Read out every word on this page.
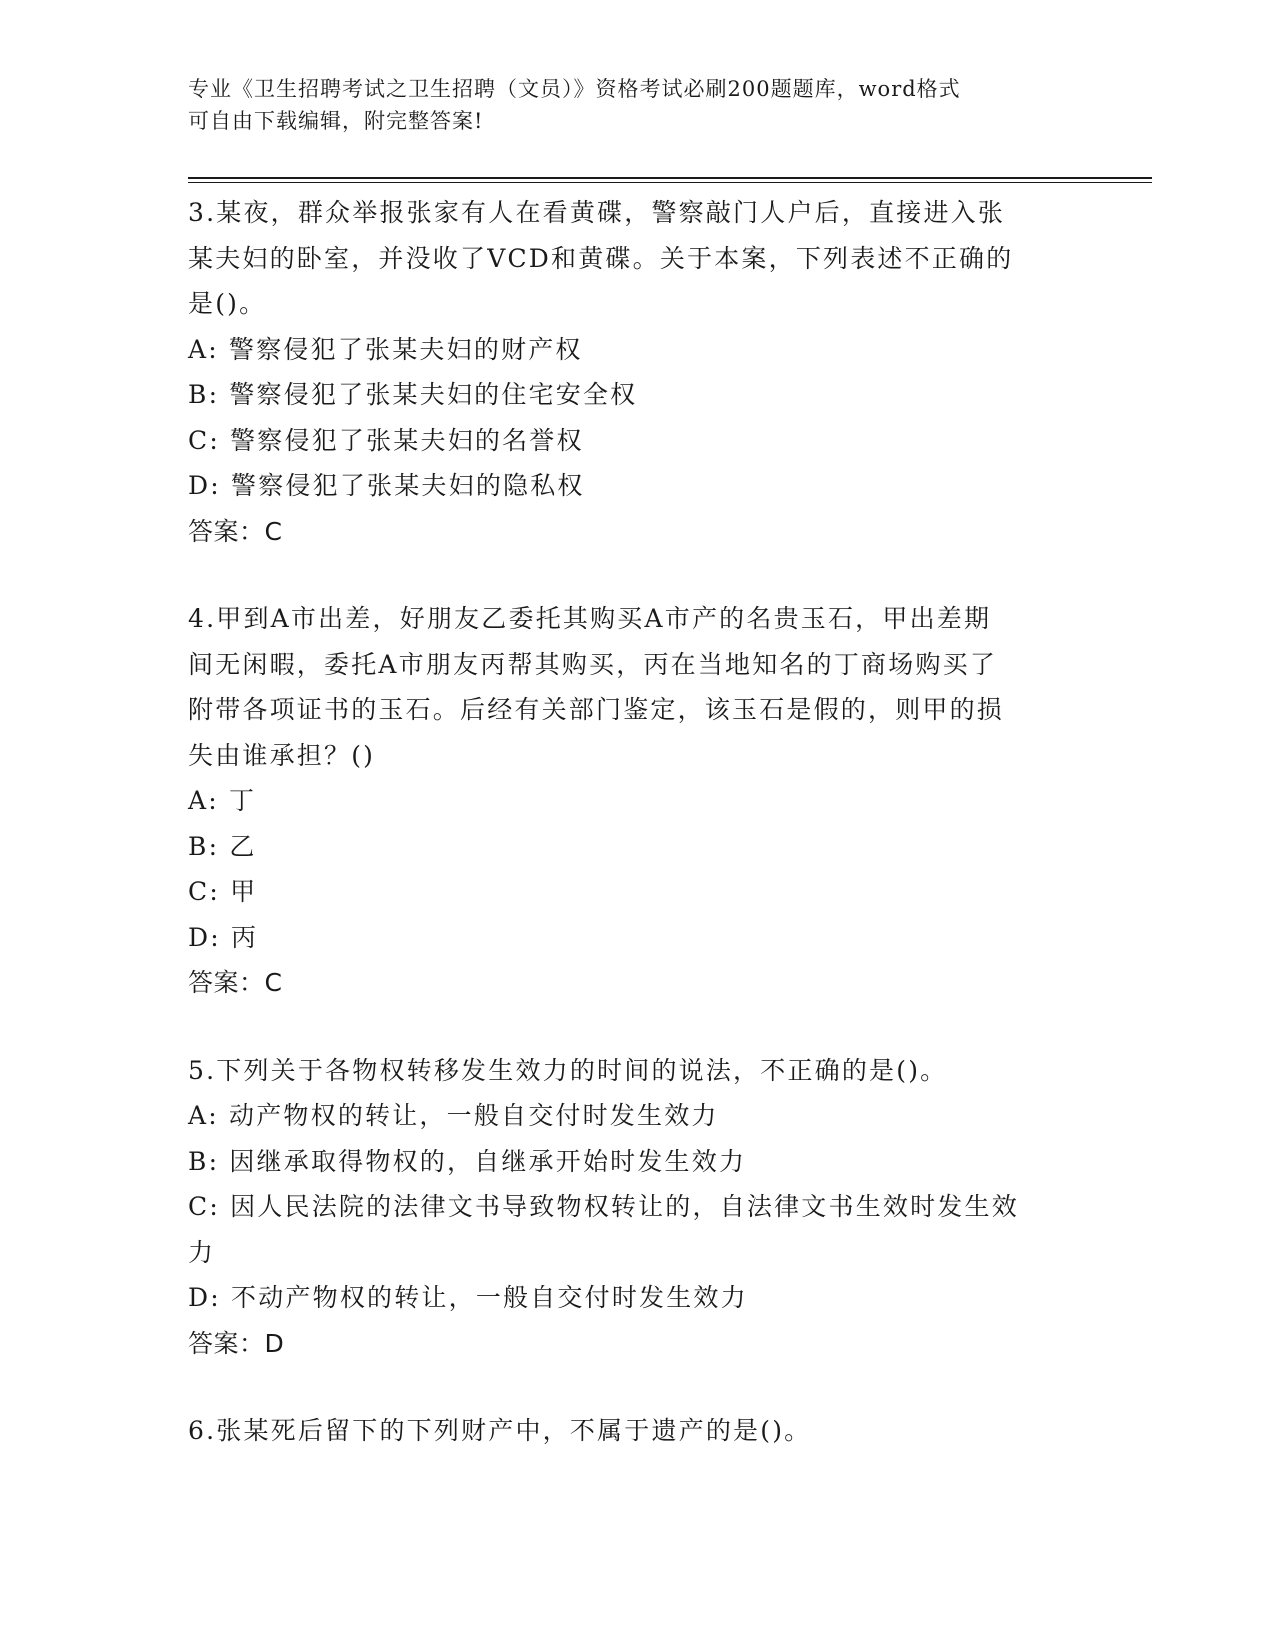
专业《卫生招聘考试之卫生招聘（文员）》资格考试必刷200题题库，word格式
可自由下载编辑，附完整答案!

3.某夜，群众举报张家有人在看黄碟，警察敲门人户后，直接进入张

某夫妇的卧室，并没收了VCD和黄碟。关于本案，下列表述不正确的

是()。

A: 警察侵犯了张某夫妇的财产权

B: 警察侵犯了张某夫妇的住宅安全权

C: 警察侵犯了张某夫妇的名誉权

D: 警察侵犯了张某夫妇的隐私权

答案：C

4.甲到A市出差，好朋友乙委托其购买A市产的名贵玉石，甲出差期

间无闲暇，委托A市朋友丙帮其购买，丙在当地知名的丁商场购买了

附带各项证书的玉石。后经有关部门鉴定，该玉石是假的，则甲的损

失由谁承担？()

A: 丁

B: 乙

C: 甲

D: 丙

答案：C

5.下列关于各物权转移发生效力的时间的说法，不正确的是()。

A: 动产物权的转让，一般自交付时发生效力

B: 因继承取得物权的，自继承开始时发生效力

C: 因人民法院的法律文书导致物权转让的，自法律文书生效时发生效

力

D: 不动产物权的转让，一般自交付时发生效力

答案：D

6.张某死后留下的下列财产中，不属于遗产的是()。
